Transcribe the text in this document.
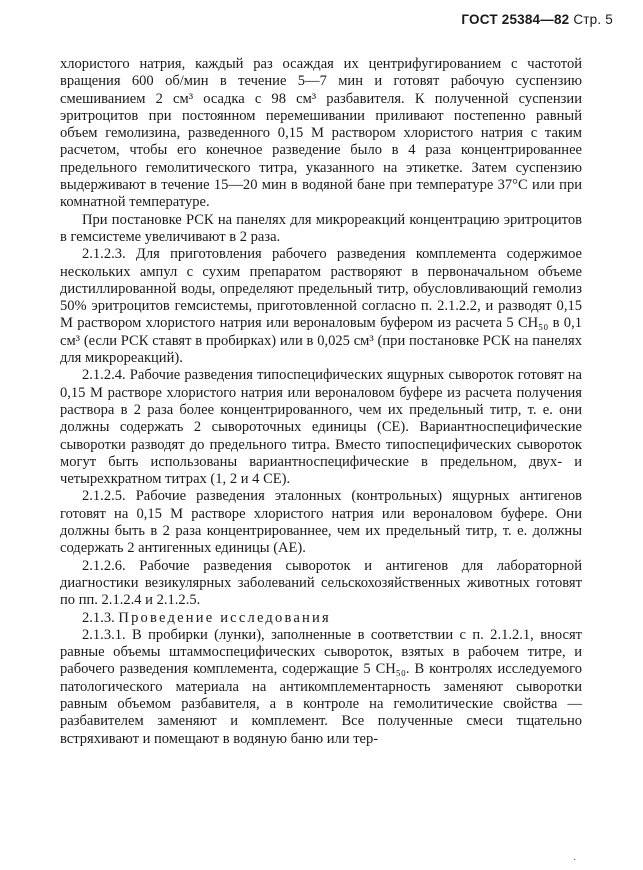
ГОСТ 25384—82 Стр. 5

хлористого натрия, каждый раз осаждая их центрифугированием с частотой вращения 600 об/мин в течение 5—7 мин и готовят рабочую суспензию смешиванием 2 см³ осадка с 98 см³ разбавителя. К полученной суспензии эритроцитов при постоянном перемешивании приливают постепенно равный объем гемолизина, разведенного 0,15 М раствором хлористого натрия с таким расчетом, чтобы его конечное разведение было в 4 раза концентрированнее предельного гемолитического титра, указанного на этикетке. Затем суспензию выдерживают в течение 15—20 мин в водяной бане при температуре 37°С или при комнатной температуре.

При постановке РСК на панелях для микрореакций концентрацию эритроцитов в гемсистеме увеличивают в 2 раза.

2.1.2.3. Для приготовления рабочего разведения комплемента содержимое нескольких ампул с сухим препаратом растворяют в первоначальном объеме дистиллированной воды, определяют предельный титр, обусловливающий гемолиз 50% эритроцитов гемсистемы, приготовленной согласно п. 2.1.2.2, и разводят 0,15 М раствором хлористого натрия или вероналовым буфером из расчета 5 СН₅₀ в 0,1 см³ (если РСК ставят в пробирках) или в 0,025 см³ (при постановке РСК на панелях для микрореакций).

2.1.2.4. Рабочие разведения типоспецифических ящурных сывороток готовят на 0,15 М растворе хлористого натрия или вероналовом буфере из расчета получения раствора в 2 раза более концентрированного, чем их предельный титр, т. е. они должны содержать 2 сывороточных единицы (СЕ). Вариантноспецифические сыворотки разводят до предельного титра. Вместо типоспецифических сывороток могут быть использованы вариантноспецифические в предельном, двух- и четырехкратном титрах (1, 2 и 4 СЕ).

2.1.2.5. Рабочие разведения эталонных (контрольных) ящурных антигенов готовят на 0,15 М растворе хлористого натрия или вероналовом буфере. Они должны быть в 2 раза концентрированнее, чем их предельный титр, т. е. должны содержать 2 антигенных единицы (АЕ).

2.1.2.6. Рабочие разведения сывороток и антигенов для лабораторной диагностики везикулярных заболеваний сельскохозяйственных животных готовят по пп. 2.1.2.4 и 2.1.2.5.

2.1.3. Проведение исследования

2.1.3.1. В пробирки (лунки), заполненные в соответствии с п. 2.1.2.1, вносят равные объемы штаммоспецифических сывороток, взятых в рабочем титре, и рабочего разведения комплемента, содержащие 5 СН₅₀. В контролях исследуемого патологического материала на антикомплементарность заменяют сыворотки равным объемом разбавителя, а в контроле на гемолитические свойства — разбавителем заменяют и комплемент. Все полученные смеси тщательно встряхивают и помещают в водяную баню или тер-

·
